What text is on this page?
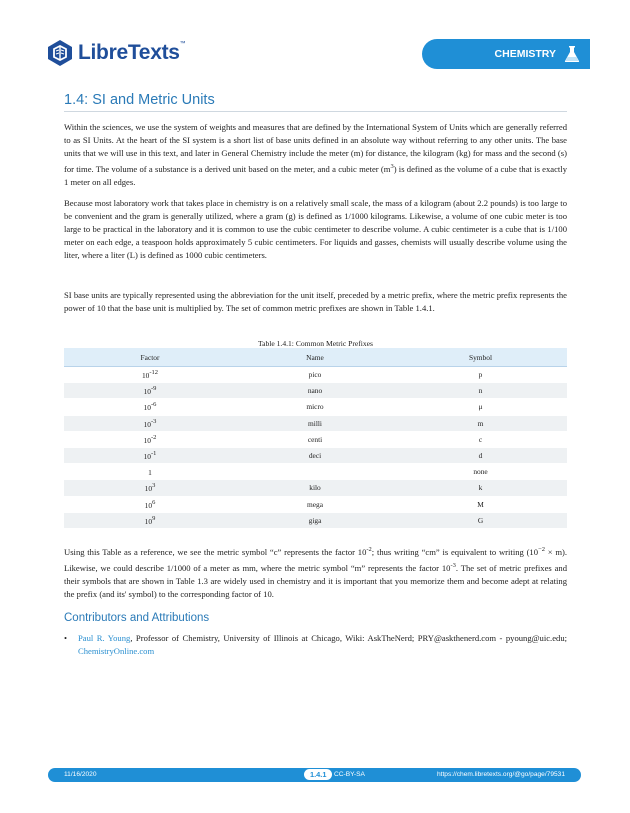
LibreTexts™
CHEMISTRY
1.4: SI and Metric Units

Within the sciences, we use the system of weights and measures that are defined by the International System of Units which are generally referred to as SI Units. At the heart of the SI system is a short list of base units defined in an absolute way without referring to any other units. The base units that we will use in this text, and later in General Chemistry include the meter (m) for distance, the kilogram (kg) for mass and the second (s) for time. The volume of a substance is a derived unit based on the meter, and a cubic meter $(m^3)$ is defined as the volume of a cube that is exactly 1 meter on all edges.

Because most laboratory work that takes place in chemistry is on a relatively small scale, the mass of a kilogram (about 2.2 pounds) is too large to be convenient and the gram is generally utilized, where a gram (g) is defined as 1/1000 kilograms. Likewise, a volume of one cubic meter is too large to be practical in the laboratory and it is common to use the cubic centimeter to describe volume. A cubic centimeter is a cube that is 1/100 meter on each edge, a teaspoon holds approximately 5 cubic centimeters. For liquids and gasses, chemists will usually describe volume using the liter, where a liter (L) is defined as 1000 cubic centimeters.

SI base units are typically represented using the abbreviation for the unit itself, preceded by a metric prefix, where the metric prefix represents the power of 10 that the base unit is multiplied by. The set of common metric prefixes are shown in Table 1.4.1.

Table 1.4.1: Common Metric Prefixes
Factor	Name	Symbol
10-12	pico	p
10-9	nano	n
10-6	micro	μ
10-3	milli	m
10-2	centi	c
10-1	deci	d
1		none
103	kilo	k
106	mega	M
109	giga	G

Using this Table as a reference, we see the metric symbol “c” represents the factor $10^{-2}$; thus writing “cm” is equivalent to writing $(10^{-2} \times m)$. Likewise, we could describe 1/1000 of a meter as mm, where the metric symbol “m” represents the factor $10^{-3}$. The set of metric prefixes and their symbols that are shown in Table 1.3 are widely used in chemistry and it is important that you memorize them and become adept at relating the prefix (and its' symbol) to the corresponding factor of 10.

Contributors and Attributions
•	Paul R. Young, Professor of Chemistry, University of Illinois at Chicago, Wiki: AskTheNerd; PRY@askthenerd.com - pyoung@uic.edu; ChemistryOnline.com
11/16/2020	1.4.1	CC-BY-SA	https://chem.libretexts.org/@go/page/79531
